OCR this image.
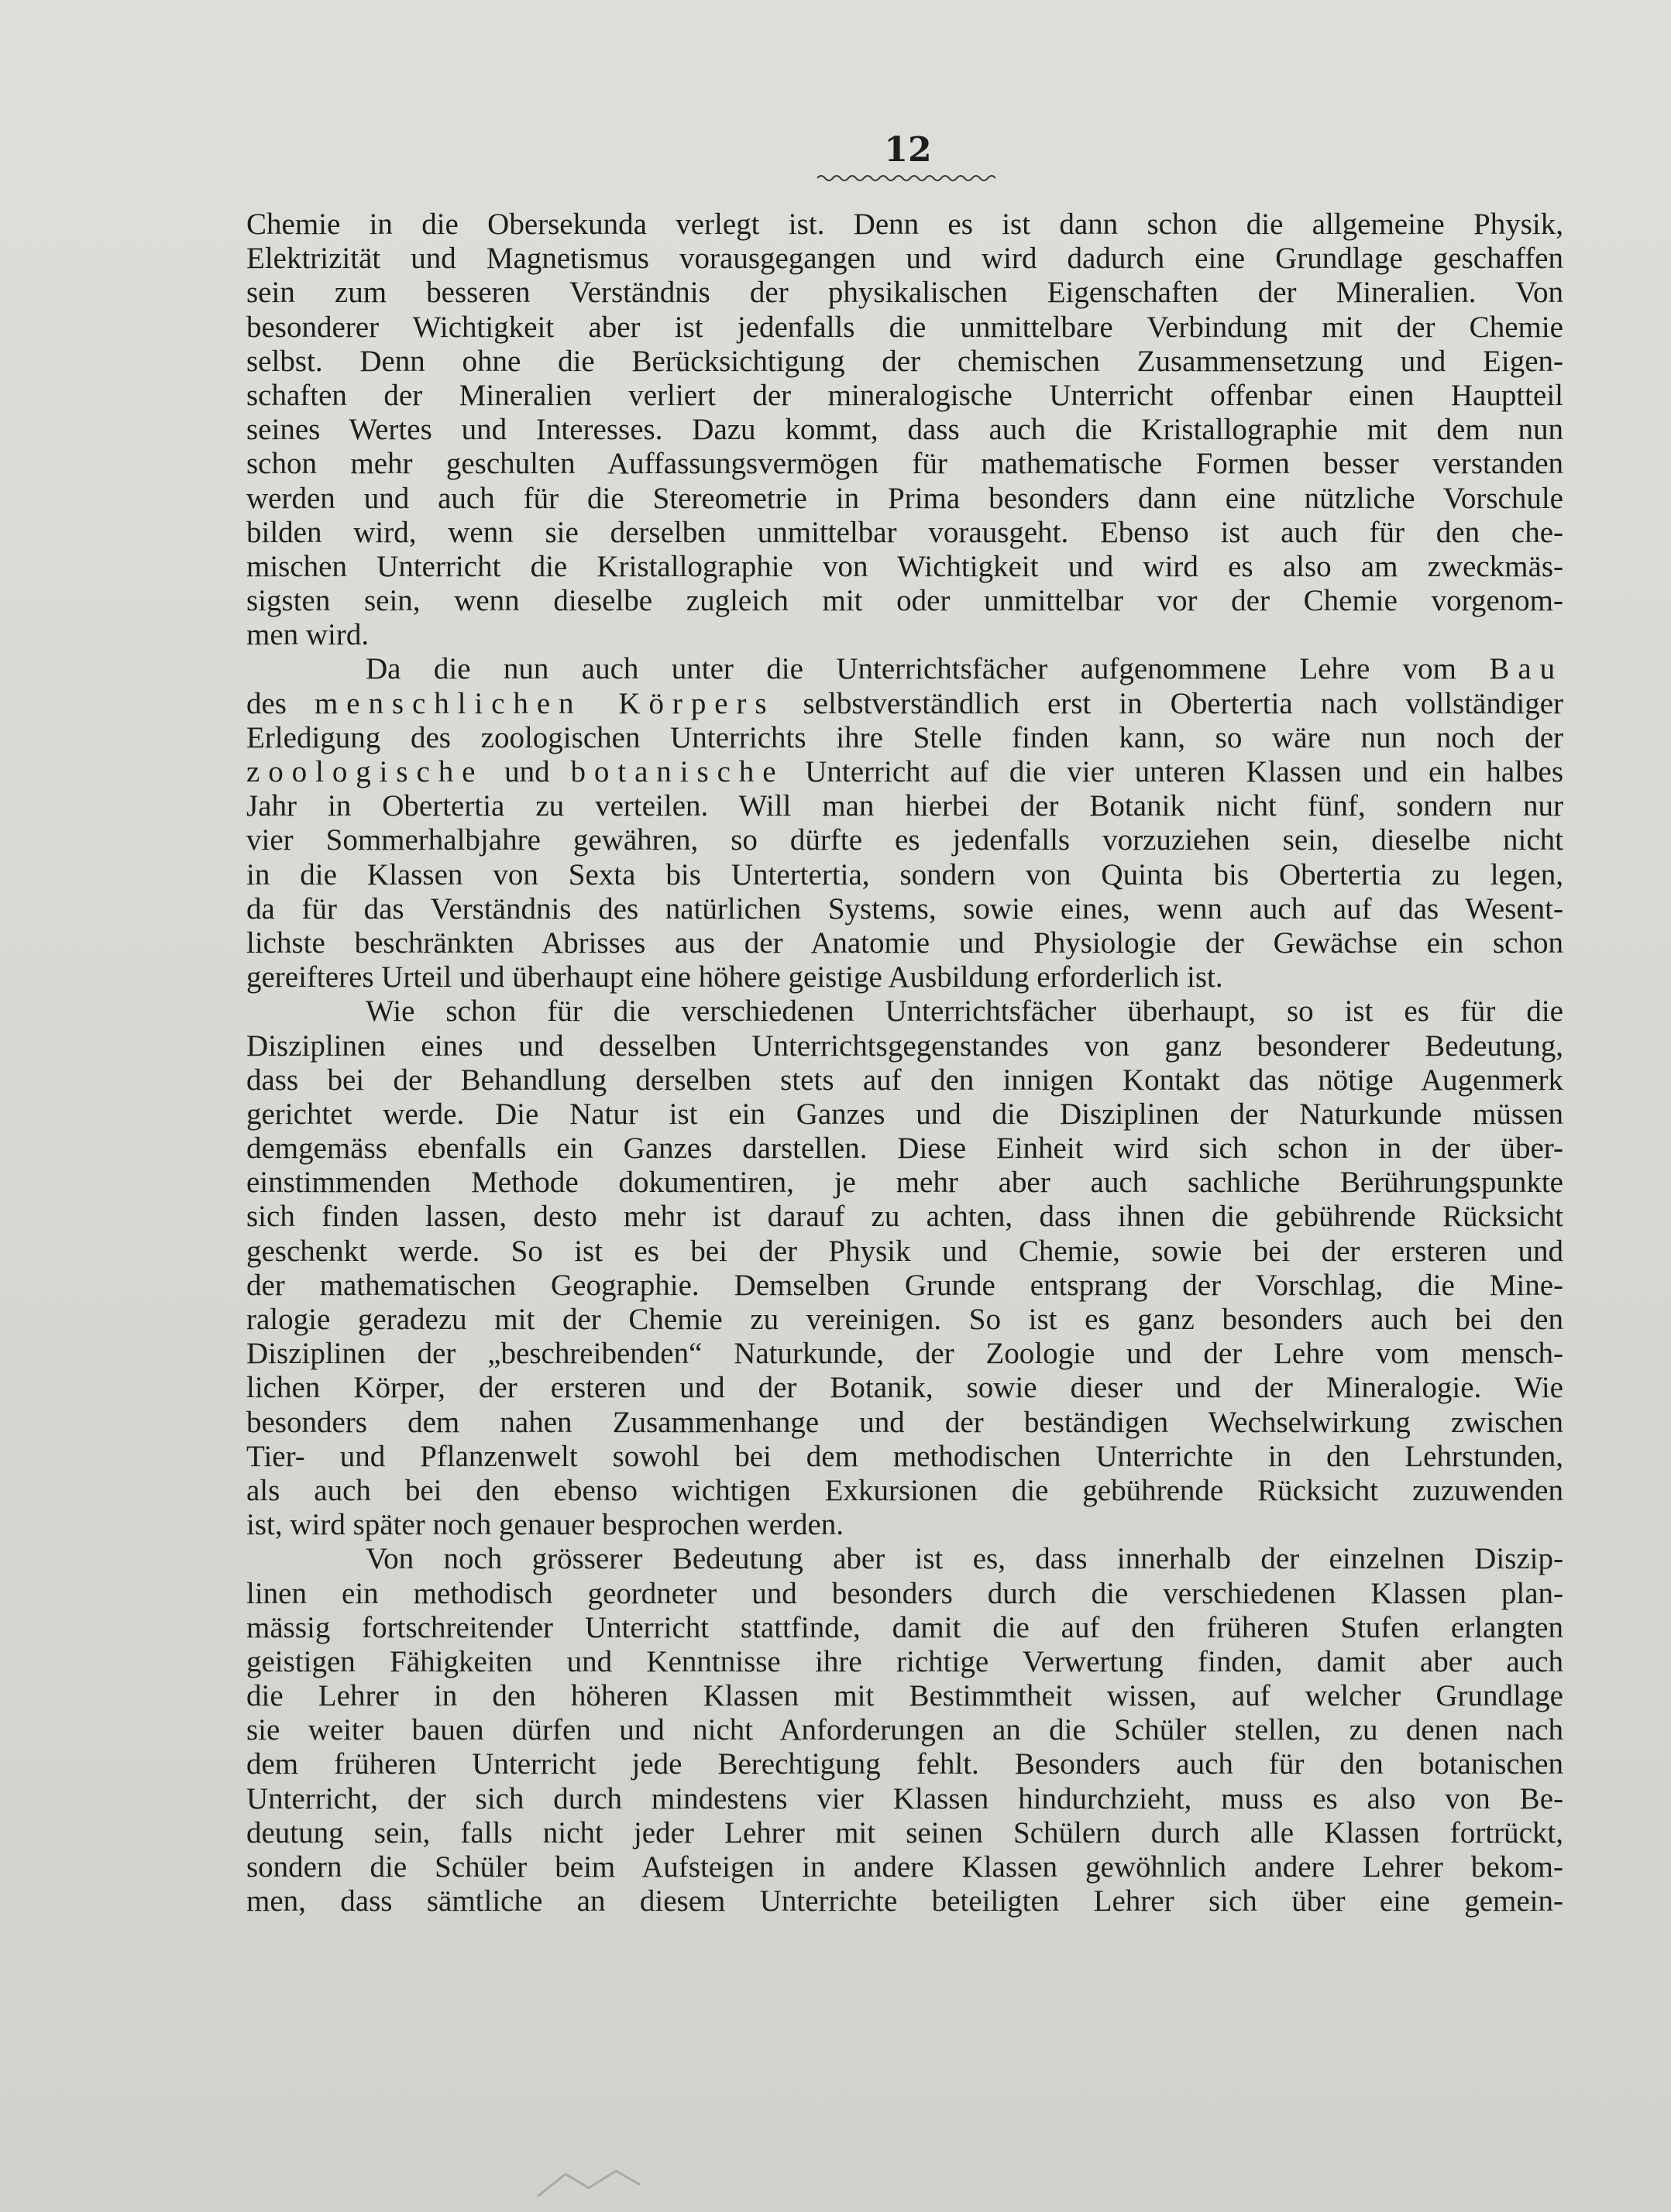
12
Chemie in die Obersekunda verlegt ist. Denn es ist dann schon die allgemeine Physik,
Elektrizität und Magnetismus vorausgegangen und wird dadurch eine Grundlage geschaffen
sein zum besseren Verständnis der physikalischen Eigenschaften der Mineralien. Von
besonderer Wichtigkeit aber ist jedenfalls die unmittelbare Verbindung mit der Chemie
selbst. Denn ohne die Berücksichtigung der chemischen Zusammensetzung und Eigen-
schaften der Mineralien verliert der mineralogische Unterricht offenbar einen Hauptteil
seines Wertes und Interesses. Dazu kommt, dass auch die Kristallographie mit dem nun
schon mehr geschulten Auffassungsvermögen für mathematische Formen besser verstanden
werden und auch für die Stereometrie in Prima besonders dann eine nützliche Vorschule
bilden wird, wenn sie derselben unmittelbar vorausgeht. Ebenso ist auch für den che-
mischen Unterricht die Kristallographie von Wichtigkeit und wird es also am zweckmäs-
sigsten sein, wenn dieselbe zugleich mit oder unmittelbar vor der Chemie vorgenom-
men wird.
Da die nun auch unter die Unterrichtsfächer aufgenommene Lehre vom Bau
des menschlichen Körpers selbstverständlich erst in Obertertia nach vollständiger
Erledigung des zoologischen Unterrichts ihre Stelle finden kann, so wäre nun noch der
zoologische und botanische Unterricht auf die vier unteren Klassen und ein halbes
Jahr in Obertertia zu verteilen. Will man hierbei der Botanik nicht fünf, sondern nur
vier Sommerhalbjahre gewähren, so dürfte es jedenfalls vorzuziehen sein, dieselbe nicht
in die Klassen von Sexta bis Untertertia, sondern von Quinta bis Obertertia zu legen,
da für das Verständnis des natürlichen Systems, sowie eines, wenn auch auf das Wesent-
lichste beschränkten Abrisses aus der Anatomie und Physiologie der Gewächse ein schon
gereifteres Urteil und überhaupt eine höhere geistige Ausbildung erforderlich ist.
Wie schon für die verschiedenen Unterrichtsfächer überhaupt, so ist es für die
Disziplinen eines und desselben Unterrichtsgegenstandes von ganz besonderer Bedeutung,
dass bei der Behandlung derselben stets auf den innigen Kontakt das nötige Augenmerk
gerichtet werde. Die Natur ist ein Ganzes und die Disziplinen der Naturkunde müssen
demgemäss ebenfalls ein Ganzes darstellen. Diese Einheit wird sich schon in der über-
einstimmenden Methode dokumentiren, je mehr aber auch sachliche Berührungspunkte
sich finden lassen, desto mehr ist darauf zu achten, dass ihnen die gebührende Rücksicht
geschenkt werde. So ist es bei der Physik und Chemie, sowie bei der ersteren und
der mathematischen Geographie. Demselben Grunde entsprang der Vorschlag, die Mine-
ralogie geradezu mit der Chemie zu vereinigen. So ist es ganz besonders auch bei den
Disziplinen der „beschreibenden“ Naturkunde, der Zoologie und der Lehre vom mensch-
lichen Körper, der ersteren und der Botanik, sowie dieser und der Mineralogie. Wie
besonders dem nahen Zusammenhange und der beständigen Wechselwirkung zwischen
Tier- und Pflanzenwelt sowohl bei dem methodischen Unterrichte in den Lehrstunden,
als auch bei den ebenso wichtigen Exkursionen die gebührende Rücksicht zuzuwenden
ist, wird später noch genauer besprochen werden.
Von noch grösserer Bedeutung aber ist es, dass innerhalb der einzelnen Diszip-
linen ein methodisch geordneter und besonders durch die verschiedenen Klassen plan-
mässig fortschreitender Unterricht stattfinde, damit die auf den früheren Stufen erlangten
geistigen Fähigkeiten und Kenntnisse ihre richtige Verwertung finden, damit aber auch
die Lehrer in den höheren Klassen mit Bestimmtheit wissen, auf welcher Grundlage
sie weiter bauen dürfen und nicht Anforderungen an die Schüler stellen, zu denen nach
dem früheren Unterricht jede Berechtigung fehlt. Besonders auch für den botanischen
Unterricht, der sich durch mindestens vier Klassen hindurchzieht, muss es also von Be-
deutung sein, falls nicht jeder Lehrer mit seinen Schülern durch alle Klassen fortrückt,
sondern die Schüler beim Aufsteigen in andere Klassen gewöhnlich andere Lehrer bekom-
men, dass sämtliche an diesem Unterrichte beteiligten Lehrer sich über eine gemein-
